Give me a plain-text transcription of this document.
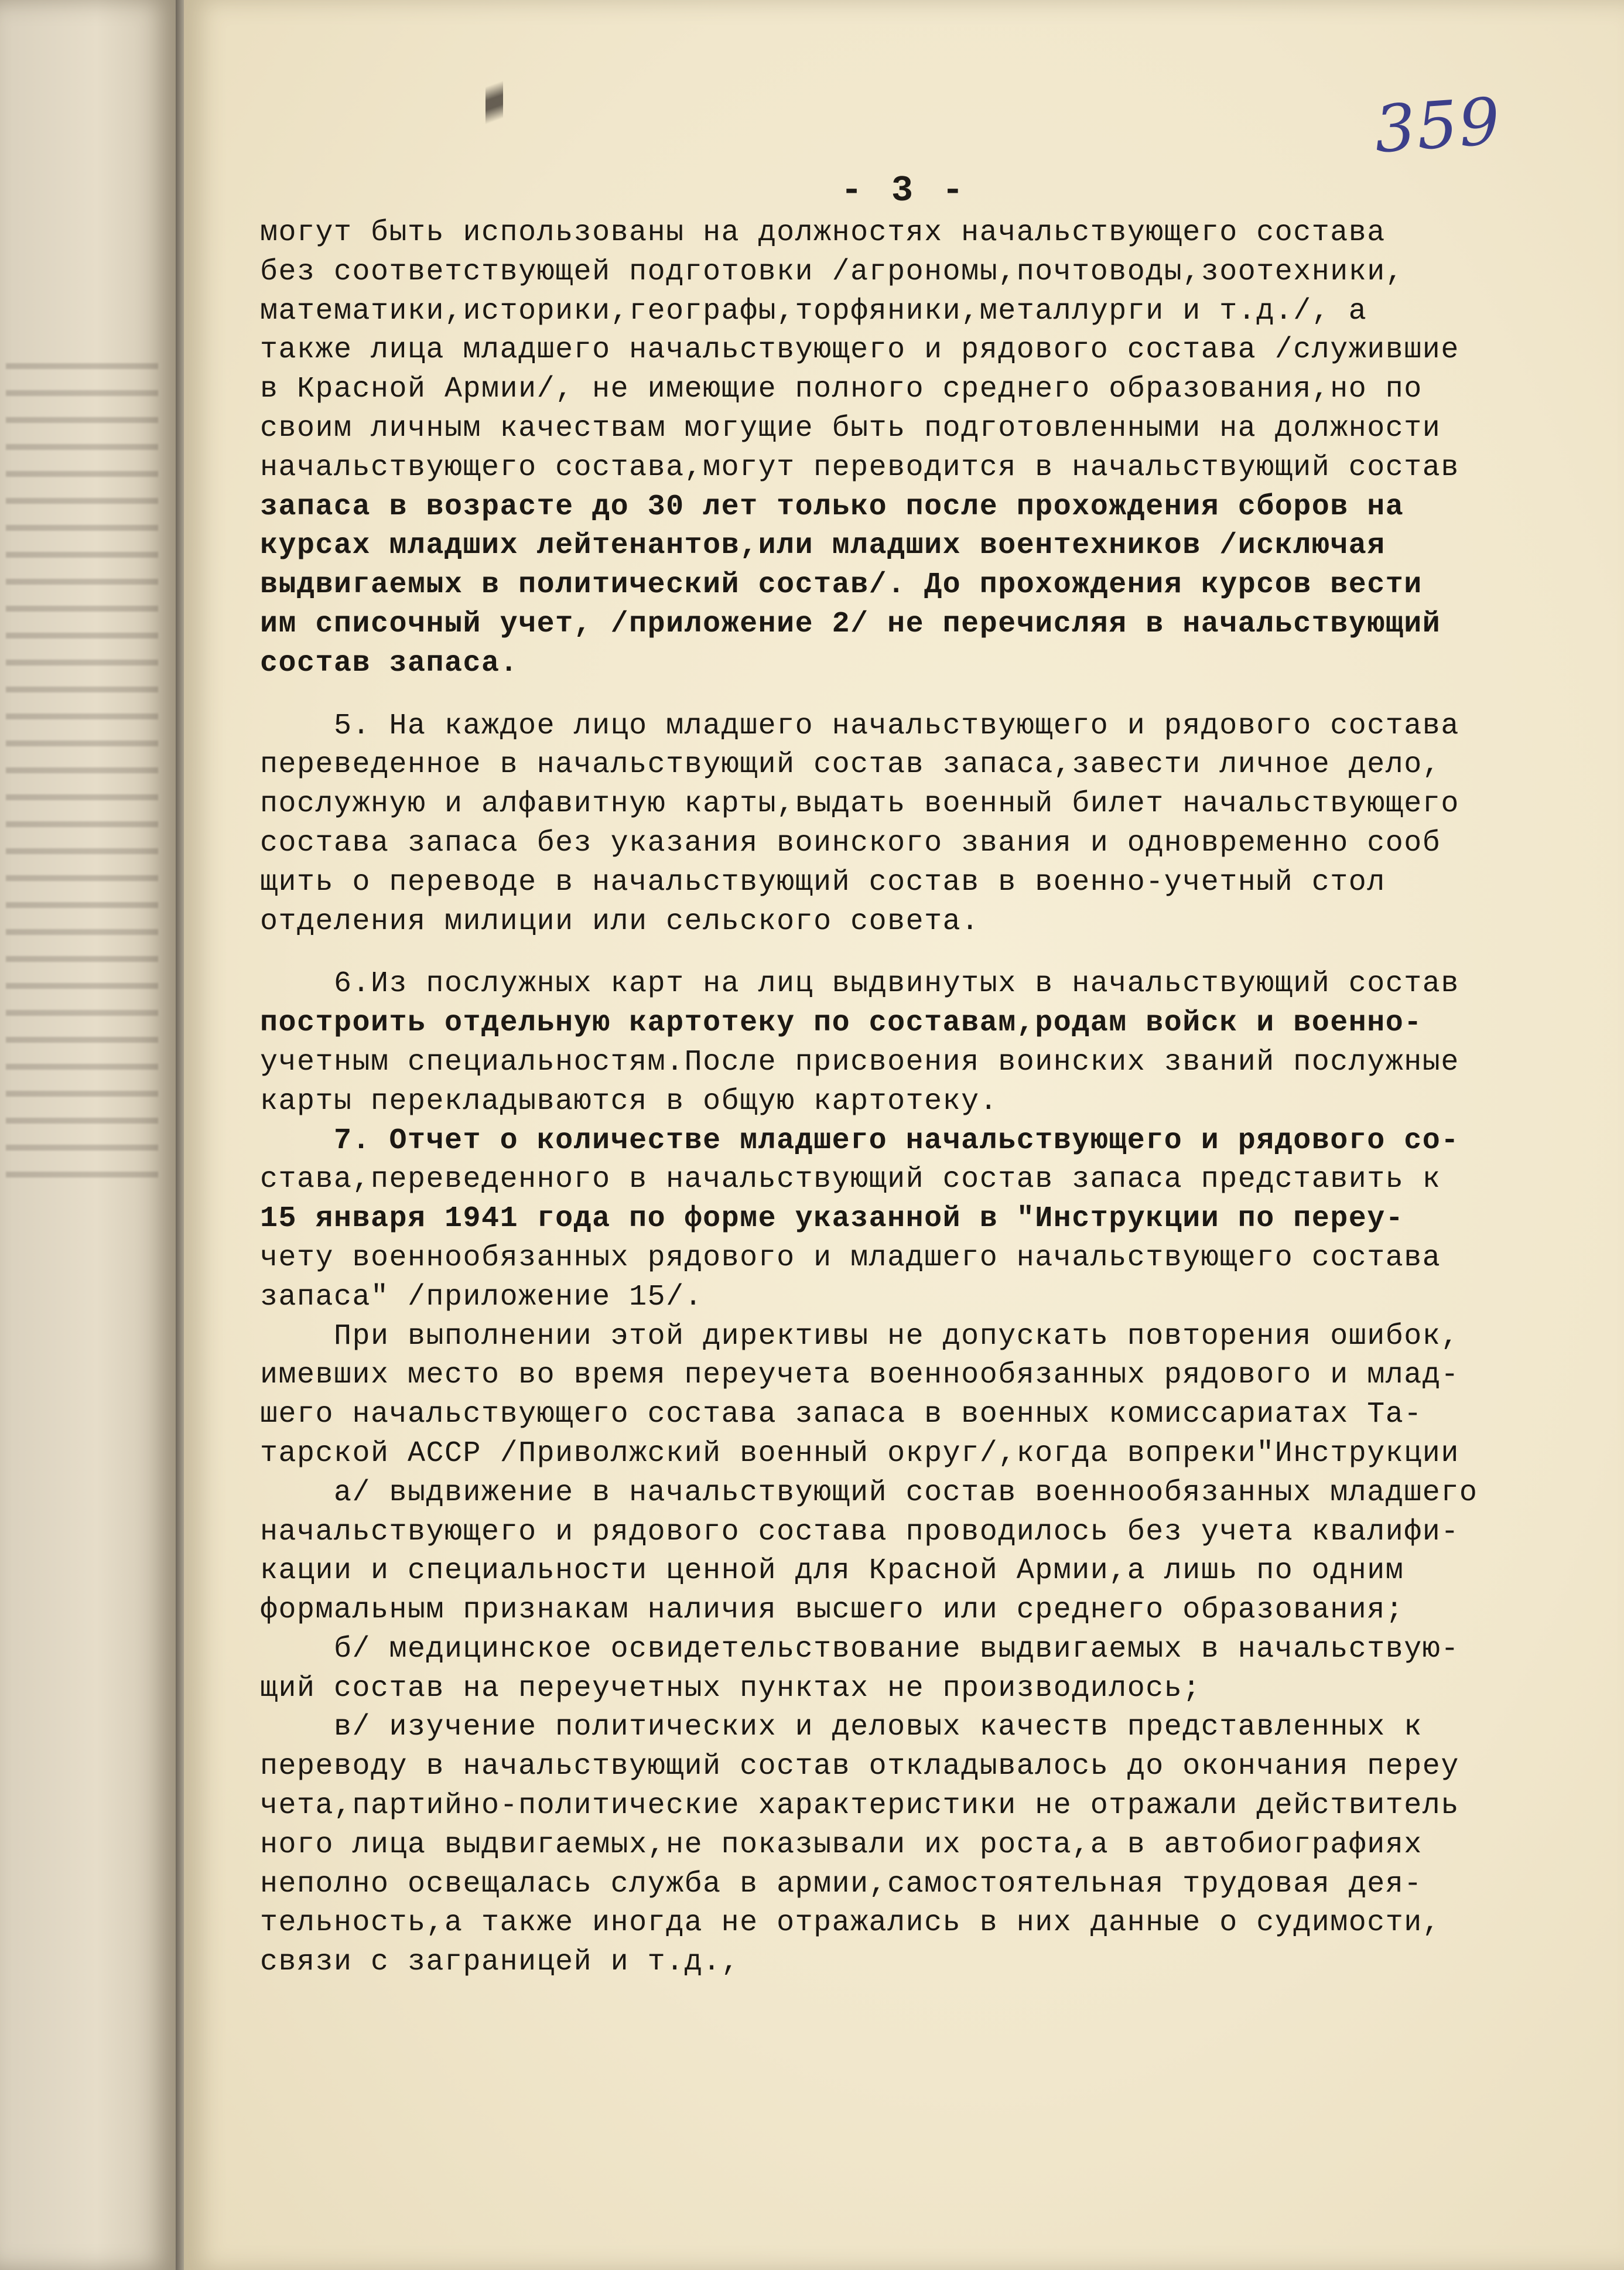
359
- 3 -
могут быть использованы на должностях начальствующего состава
без соответствующей подготовки /агрономы,почтоводы,зоотехники,
математики,историки,географы,торфяники,металлурги и т.д./, а
также лица младшего начальствующего и рядового состава /служившие
в Красной Армии/, не имеющие полного среднего образования,но по
своим личным качествам могущие быть подготовленными на должности
начальствующего состава,могут переводится в начальствующий состав
запаса в возрасте до 30 лет только после прохождения сборов на
курсах младших лейтенантов,или младших воентехников /исключая
выдвигаемых в политический состав/. До прохождения курсов вести
им списочный учет, /приложение 2/ не перечисляя в начальствующий
состав запаса.
5. На каждое лицо младшего начальствующего и рядового состава
переведенное в начальствующий состав запаса,завести личное дело,
послужную и алфавитную карты,выдать военный билет начальствующего
состава запаса без указания воинского звания и одновременно сооб
щить о переводе в начальствующий состав в военно-учетный стол
отделения милиции или сельского совета.
6.Из послужных карт на лиц выдвинутых в начальствующий состав
построить отдельную картотеку по составам,родам войск и военно-
учетным специальностям.После присвоения воинских званий послужные
карты перекладываются в общую картотеку.
7. Отчет о количестве младшего начальствующего и рядового со-
става,переведенного в начальствующий состав запаса представить к
15 января 1941 года по форме указанной в "Инструкции по переу-
чету военнообязанных рядового и младшего начальствующего состава
запаса" /приложение 15/.
При выполнении этой директивы не допускать повторения ошибок,
имевших место во время переучета военнообязанных рядового и млад-
шего начальствующего состава запаса в военных комиссариатах Та-
тарской АССР /Приволжский военный округ/,когда вопреки"Инструкции
а/ выдвижение в начальствующий состав военнообязанных младшего
начальствующего и рядового состава проводилось без учета квалифи-
кации и специальности ценной для Красной Армии,а лишь по одним
формальным признакам наличия высшего или среднего образования;
б/ медицинское освидетельствование выдвигаемых в начальствую-
щий состав на переучетных пунктах не производилось;
в/ изучение политических и деловых качеств представленных к
переводу в начальствующий состав откладывалось до окончания переу
чета,партийно-политические характеристики не отражали действитель
ного лица выдвигаемых,не показывали их роста,а в автобиографиях
неполно освещалась служба в армии,самостоятельная трудовая дея-
тельность,а также иногда не отражались в них данные о судимости,
связи с заграницей и т.д.,
